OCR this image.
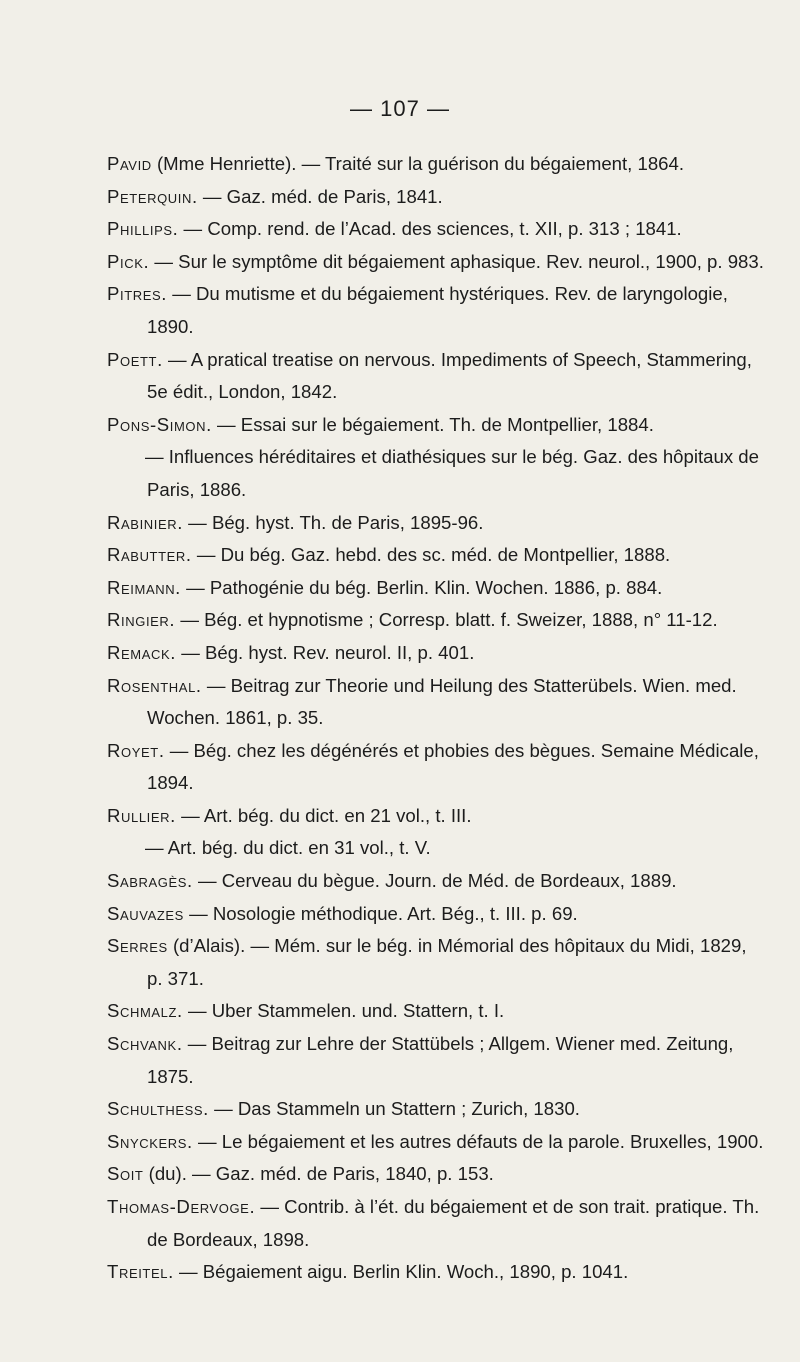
— 107 —

Pavid (Mme Henriette). — Traité sur la guérison du bégaiement, 1864.

Peterquin. — Gaz. méd. de Paris, 1841.

Phillips. — Comp. rend. de l’Acad. des sciences, t. XII, p. 313 ; 1841.

Pick. — Sur le symptôme dit bégaiement aphasique. Rev. neurol., 1900, p. 983.

Pitres. — Du mutisme et du bégaiement hystériques. Rev. de laryngologie, 1890.

Poett. — A pratical treatise on nervous. Impediments of Speech, Stammering, 5e édit., London, 1842.

Pons-Simon. — Essai sur le bégaiement. Th. de Montpellier, 1884.

— Influences héréditaires et diathésiques sur le bég. Gaz. des hôpitaux de Paris, 1886.

Rabinier. — Bég. hyst. Th. de Paris, 1895-96.

Rabutter. — Du bég. Gaz. hebd. des sc. méd. de Montpellier, 1888.

Reimann. — Pathogénie du bég. Berlin. Klin. Wochen. 1886, p. 884.

Ringier. — Bég. et hypnotisme ; Corresp. blatt. f. Sweizer, 1888, n° 11-12.

Remack. — Bég. hyst. Rev. neurol. II, p. 401.

Rosenthal. — Beitrag zur Theorie und Heilung des Statterübels. Wien. med. Wochen. 1861, p. 35.

Royet. — Bég. chez les dégénérés et phobies des bègues. Semaine Médicale, 1894.

Rullier. — Art. bég. du dict. en 21 vol., t. III.

— Art. bég. du dict. en 31 vol., t. V.

Sabragès. — Cerveau du bègue. Journ. de Méd. de Bordeaux, 1889.

Sauvazes — Nosologie méthodique. Art. Bég., t. III. p. 69.

Serres (d’Alais). — Mém. sur le bég. in Mémorial des hôpitaux du Midi, 1829, p. 371.

Schmalz. — Uber Stammelen. und. Stattern, t. I.

Schvank. — Beitrag zur Lehre der Stattübels ; Allgem. Wiener med. Zeitung, 1875.

Schulthess. — Das Stammeln un Stattern ; Zurich, 1830.

Snyckers. — Le bégaiement et les autres défauts de la parole. Bruxelles, 1900.

Soit (du). — Gaz. méd. de Paris, 1840, p. 153.

Thomas-Dervoge. — Contrib. à l’ét. du bégaiement et de son trait. pratique. Th. de Bordeaux, 1898.

Treitel. — Bégaiement aigu. Berlin Klin. Woch., 1890, p. 1041.
